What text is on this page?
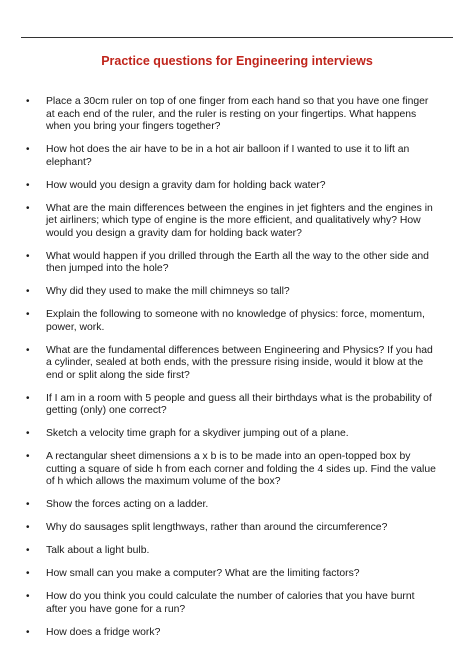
Practice questions for Engineering interviews
• Place a 30cm ruler on top of one finger from each hand so that you have one finger at each end of the ruler, and the ruler is resting on your fingertips. What happens when you bring your fingers together?
• How hot does the air have to be in a hot air balloon if I wanted to use it to lift an elephant?
• How would you design a gravity dam for holding back water?
• What are the main differences between the engines in jet fighters and the engines in jet airliners; which type of engine is the more efficient, and qualitatively why? How would you design a gravity dam for holding back water?
• What would happen if you drilled through the Earth all the way to the other side and then jumped into the hole?
• Why did they used to make the mill chimneys so tall?
• Explain the following to someone with no knowledge of physics: force, momentum, power, work.
• What are the fundamental differences between Engineering and Physics? If you had a cylinder, sealed at both ends, with the pressure rising inside, would it blow at the end or split along the side first?
• If I am in a room with 5 people and guess all their birthdays what is the probability of getting (only) one correct?
• Sketch a velocity time graph for a skydiver jumping out of a plane.
• A rectangular sheet dimensions a x b is to be made into an open-topped box by cutting a square of side h from each corner and folding the 4 sides up. Find the value of h which allows the maximum volume of the box?
• Show the forces acting on a ladder.
• Why do sausages split lengthways, rather than around the circumference?
• Talk about a light bulb.
• How small can you make a computer? What are the limiting factors?
• How do you think you could calculate the number of calories that you have burnt after you have gone for a run?
• How does a fridge work?
